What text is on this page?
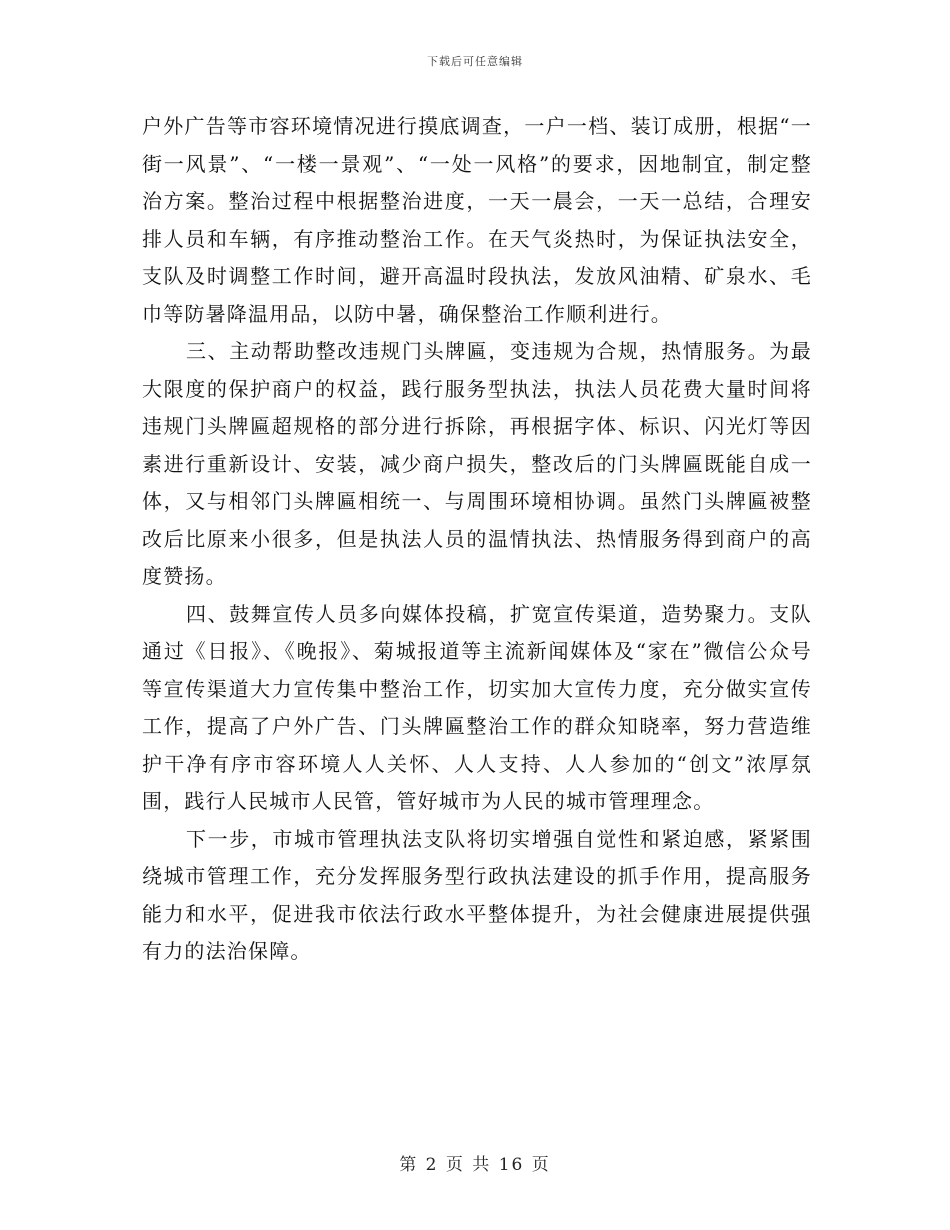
下载后可任意编辑

户外广告等市容环境情况进行摸底调查，一户一档、装订成册，根据“一街一风景”、“一楼一景观”、“一处一风格”的要求，因地制宜，制定整治方案。整治过程中根据整治进度，一天一晨会，一天一总结，合理安排人员和车辆，有序推动整治工作。在天气炎热时，为保证执法安全，支队及时调整工作时间，避开高温时段执法，发放风油精、矿泉水、毛巾等防暑降温用品，以防中暑，确保整治工作顺利进行。

三、主动帮助整改违规门头牌匾，变违规为合规，热情服务。为最大限度的保护商户的权益，践行服务型执法，执法人员花费大量时间将违规门头牌匾超规格的部分进行拆除，再根据字体、标识、闪光灯等因素进行重新设计、安装，减少商户损失，整改后的门头牌匾既能自成一体，又与相邻门头牌匾相统一、与周围环境相协调。虽然门头牌匾被整改后比原来小很多，但是执法人员的温情执法、热情服务得到商户的高度赞扬。

四、鼓舞宣传人员多向媒体投稿，扩宽宣传渠道，造势聚力。支队通过《日报》、《晚报》、菊城报道等主流新闻媒体及“家在”微信公众号等宣传渠道大力宣传集中整治工作，切实加大宣传力度，充分做实宣传工作，提高了户外广告、门头牌匾整治工作的群众知晓率，努力营造维护干净有序市容环境人人关怀、人人支持、人人参加的“创文”浓厚氛围，践行人民城市人民管，管好城市为人民的城市管理理念。

下一步，市城市管理执法支队将切实增强自觉性和紧迫感，紧紧围绕城市管理工作，充分发挥服务型行政执法建设的抓手作用，提高服务能力和水平，促进我市依法行政水平整体提升，为社会健康进展提供强有力的法治保障。

第 2 页 共 16 页
